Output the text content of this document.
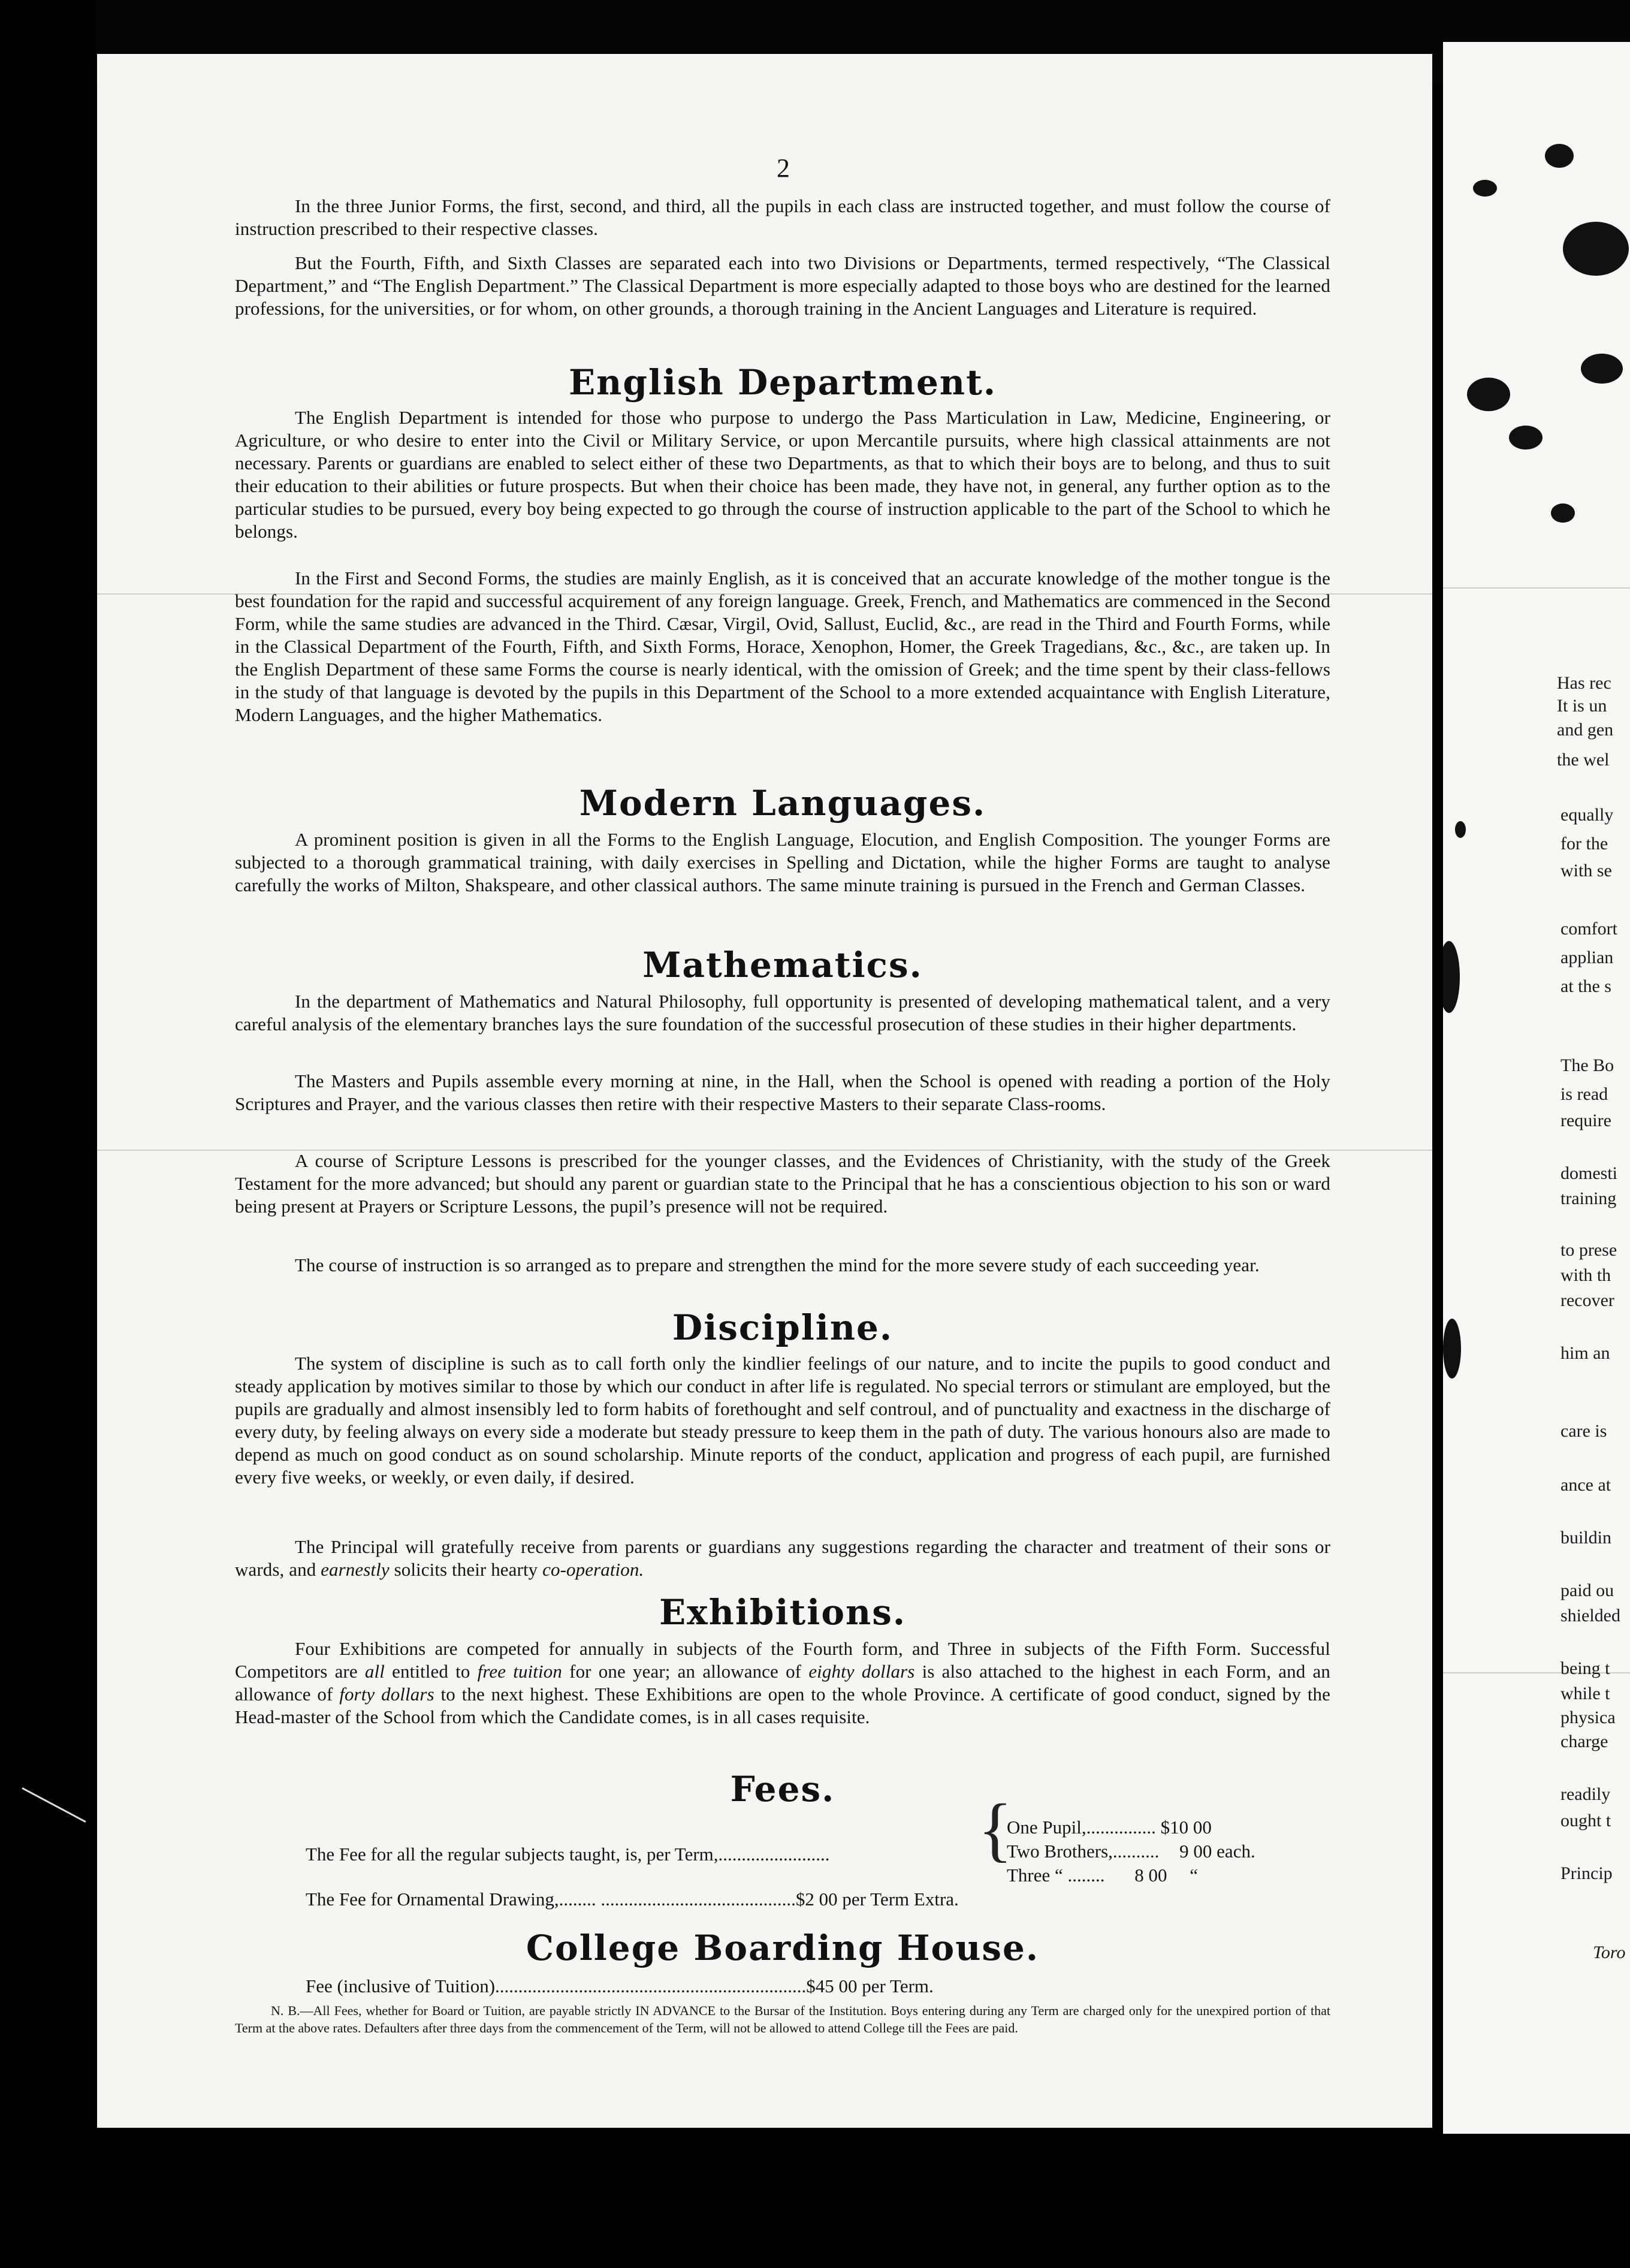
2

In the three Junior Forms, the first, second, and third, all the pupils in each class are instructed together, and must follow the course of instruction prescribed to their respective classes.

But the Fourth, Fifth, and Sixth Classes are separated each into two Divisions or Departments, termed respectively, “The Classical Department,” and “The English Department.” The Classical Department is more especially adapted to those boys who are destined for the learned professions, for the universities, or for whom, on other grounds, a thorough training in the Ancient Languages and Literature is required.

English Department.

The English Department is intended for those who purpose to undergo the Pass Marticulation in Law, Medicine, Engineering, or Agriculture, or who desire to enter into the Civil or Military Service, or upon Mercantile pursuits, where high classical attainments are not necessary. Parents or guardians are enabled to select either of these two Departments, as that to which their boys are to belong, and thus to suit their education to their abilities or future prospects. But when their choice has been made, they have not, in general, any further option as to the particular studies to be pursued, every boy being expected to go through the course of instruction applicable to the part of the School to which he belongs.

In the First and Second Forms, the studies are mainly English, as it is conceived that an accurate knowledge of the mother tongue is the best foundation for the rapid and successful acquirement of any foreign language. Greek, French, and Mathematics are commenced in the Second Form, while the same studies are advanced in the Third. Cæsar, Virgil, Ovid, Sallust, Euclid, &c., are read in the Third and Fourth Forms, while in the Classical Department of the Fourth, Fifth, and Sixth Forms, Horace, Xenophon, Homer, the Greek Tragedians, &c., &c., are taken up. In the English Department of these same Forms the course is nearly identical, with the omission of Greek; and the time spent by their class-fellows in the study of that language is devoted by the pupils in this Department of the School to a more extended acquaintance with English Literature, Modern Languages, and the higher Mathematics.

Modern Languages.

A prominent position is given in all the Forms to the English Language, Elocution, and English Composition. The younger Forms are subjected to a thorough grammatical training, with daily exercises in Spelling and Dictation, while the higher Forms are taught to analyse carefully the works of Milton, Shakspeare, and other classical authors. The same minute training is pursued in the French and German Classes.

Mathematics.

In the department of Mathematics and Natural Philosophy, full opportunity is presented of developing mathematical talent, and a very careful analysis of the elementary branches lays the sure foundation of the successful prosecution of these studies in their higher departments.

The Masters and Pupils assemble every morning at nine, in the Hall, when the School is opened with reading a portion of the Holy Scriptures and Prayer, and the various classes then retire with their respective Masters to their separate Class-rooms.

A course of Scripture Lessons is prescribed for the younger classes, and the Evidences of Christianity, with the study of the Greek Testament for the more advanced; but should any parent or guardian state to the Principal that he has a conscientious objection to his son or ward being present at Prayers or Scripture Lessons, the pupil’s presence will not be required.

The course of instruction is so arranged as to prepare and strengthen the mind for the more severe study of each succeeding year.

Discipline.

The system of discipline is such as to call forth only the kindlier feelings of our nature, and to incite the pupils to good conduct and steady application by motives similar to those by which our conduct in after life is regulated. No special terrors or stimulant are employed, but the pupils are gradually and almost insensibly led to form habits of forethought and self controul, and of punctuality and exactness in the discharge of every duty, by feeling always on every side a moderate but steady pressure to keep them in the path of duty. The various honours also are made to depend as much on good conduct as on sound scholarship. Minute reports of the conduct, application and progress of each pupil, are furnished every five weeks, or weekly, or even daily, if desired.

The Principal will gratefully receive from parents or guardians any suggestions regarding the character and treatment of their sons or wards, and earnestly solicits their hearty co-operation.

Exhibitions.

Four Exhibitions are competed for annually in subjects of the Fourth form, and Three in subjects of the Fifth Form. Successful Competitors are all entitled to free tuition for one year; an allowance of eighty dollars is also attached to the highest in each Form, and an allowance of forty dollars to the next highest. These Exhibitions are open to the whole Province. A certificate of good conduct, signed by the Head-master of the School from which the Candidate comes, is in all cases requisite.

Fees.
The Fee for all the regular subjects taught, is, per Term,........................ {
One Pupil,............... $10 00
Two Brothers,.......... 9 00 each.
Three “ ........ 8 00 “
The Fee for Ornamental Drawing,........ ..........................................$2 00 per Term Extra.
College Boarding House.
Fee (inclusive of Tuition)...................................................................$45 00 per Term.

N. B.—All Fees, whether for Board or Tuition, are payable strictly IN ADVANCE to the Bursar of the Institution. Boys entering during any Term are charged only for the unexpired portion of that Term at the above rates. Defaulters after three days from the commencement of the Term, will not be allowed to attend College till the Fees are paid.

Has rec
It is un
and gen
the wel
equally
for the
with se
comfort
applian
at the s
The Bo
is read
require
domesti
training
to prese
with th
recover
him an
care is
ance at
buildin
paid ou
shielded
being t
while t
physica
charge
readily
ought t
Princip
Toro
